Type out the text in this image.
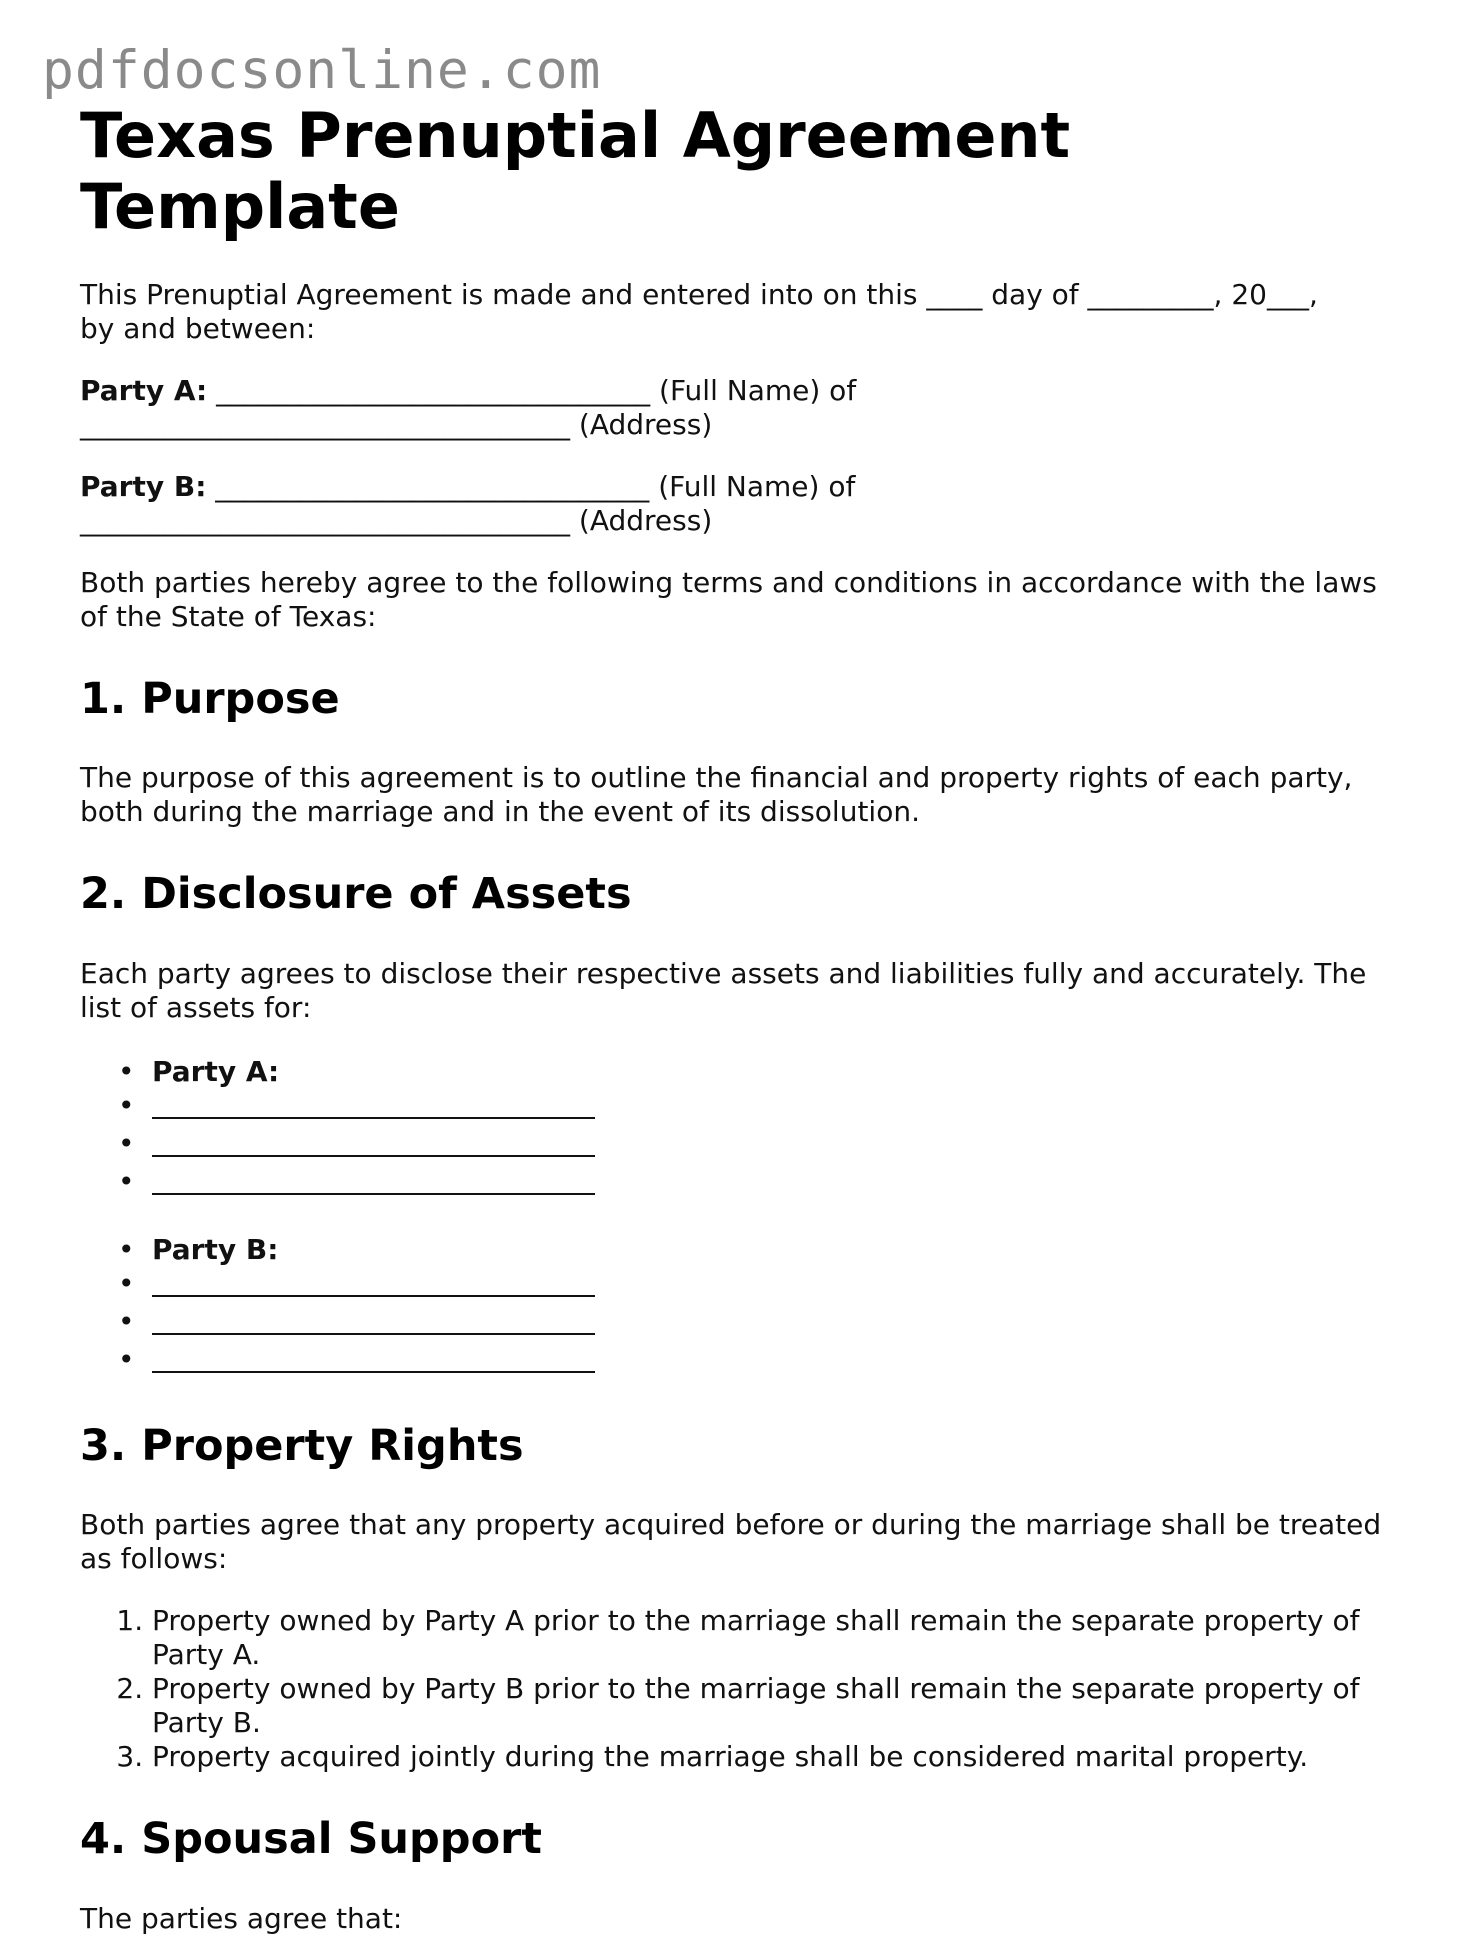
pdfdocsonline.com
Texas Prenuptial Agreement Template

This Prenuptial Agreement is made and entered into on this ____ day of _________, 20___,
by and between:

Party A: _______________________________ (Full Name) of
___________________________________ (Address)

Party B: _______________________________ (Full Name) of
___________________________________ (Address)

Both parties hereby agree to the following terms and conditions in accordance with the laws of the State of Texas:

1. Purpose

The purpose of this agreement is to outline the financial and property rights of each party, both during the marriage and in the event of its dissolution.

2. Disclosure of Assets

Each party agrees to disclose their respective assets and liabilities fully and accurately. The list of assets for:

• Party A:
•
•
•
• Party B:
•
•
•
3. Property Rights

Both parties agree that any property acquired before or during the marriage shall be treated as follows:

1. Property owned by Party A prior to the marriage shall remain the separate property of Party A.
2. Property owned by Party B prior to the marriage shall remain the separate property of Party B.
3. Property acquired jointly during the marriage shall be considered marital property.
4. Spousal Support

The parties agree that:
